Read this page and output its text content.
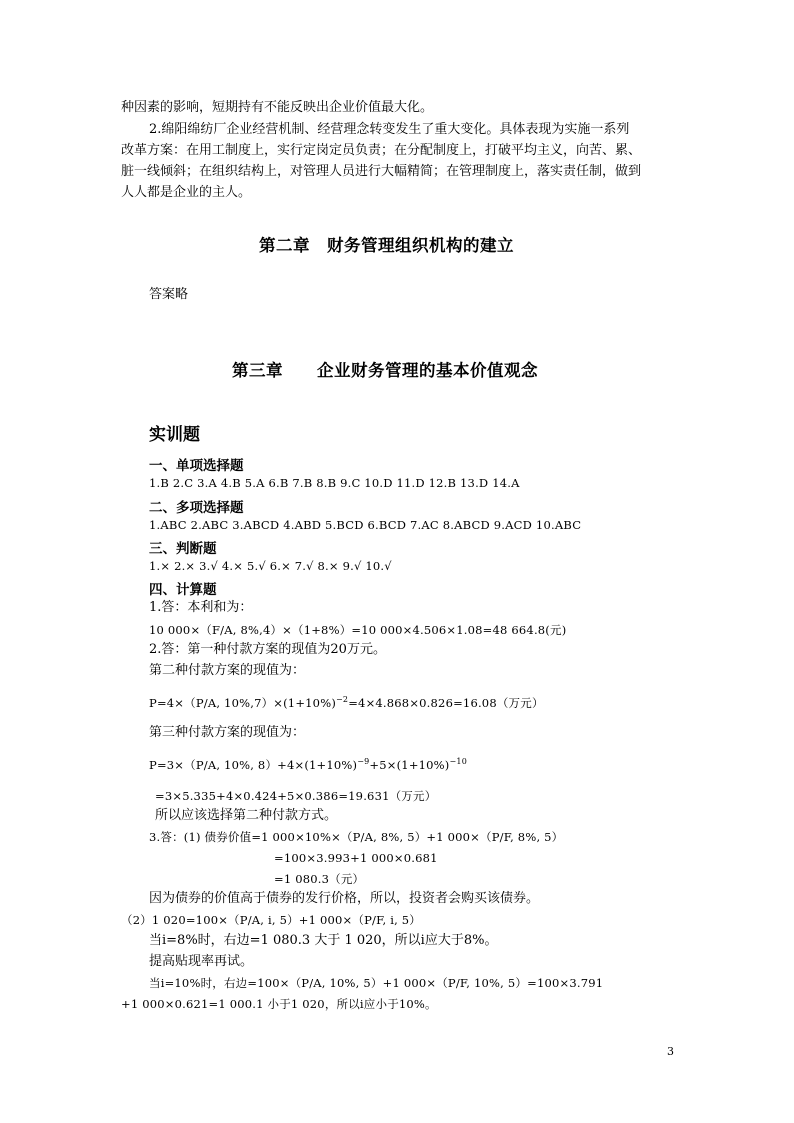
种因素的影响，短期持有不能反映出企业价值最大化。
2.绵阳绵纺厂企业经营机制、经营理念转变发生了重大变化。具体表现为实施一系列
改革方案：在用工制度上，实行定岗定员负责；在分配制度上，打破平均主义，向苦、累、
脏一线倾斜；在组织结构上，对管理人员进行大幅精简；在管理制度上，落实责任制，做到
人人都是企业的主人。
第二章　财务管理组织机构的建立
答案略
第三章　　企业财务管理的基本价值观念
实训题
一、单项选择题
1.B 2.C 3.A 4.B 5.A 6.B 7.B 8.B 9.C 10.D 11.D 12.B 13.D 14.A
二、多项选择题
1.ABC 2.ABC 3.ABCD 4.ABD 5.BCD 6.BCD 7.AC 8.ABCD 9.ACD 10.ABC
三、判断题
1.× 2.× 3.√ 4.× 5.√ 6.× 7.√ 8.× 9.√ 10.√
四、计算题
1.答：本利和为：
10 000×（F/A, 8%,4）×（1+8%）=10 000×4.506×1.08=48 664.8(元)
2.答：第一种付款方案的现值为20万元。
第二种付款方案的现值为：
P=4×（P/A, $10\%,7)\times(1+10\%)^{-2}=4\times 4.868\times 0.826=16.08$（万元）
第三种付款方案的现值为：
P=3×（P/A, 10%, $8)+4\times(1+10\%)^{-9}+5\times(1+10\%)^{-10}$
=3×5.335+4×0.424+5×0.386=19.631（万元）
所以应该选择第二种付款方式。
3.答：(1) 债券价值=1 000×10%×（P/A, 8%, 5）+1 000×（P/F, 8%, 5）
=100×3.993+1 000×0.681
=1 080.3（元）
因为债券的价值高于债券的发行价格，所以，投资者会购买该债券。
（2）1 020=100×（P/A, i, 5）+1 000×（P/F, i, 5）
当i=8%时，右边=1 080.3 大于 1 020，所以i应大于8%。
提高贴现率再试。
当i=10%时，右边=100×（P/A, 10%, 5）+1 000×（P/F, 10%, 5）=100×3.791
+1 000×0.621=1 000.1 小于1 020，所以i应小于10%。
3
